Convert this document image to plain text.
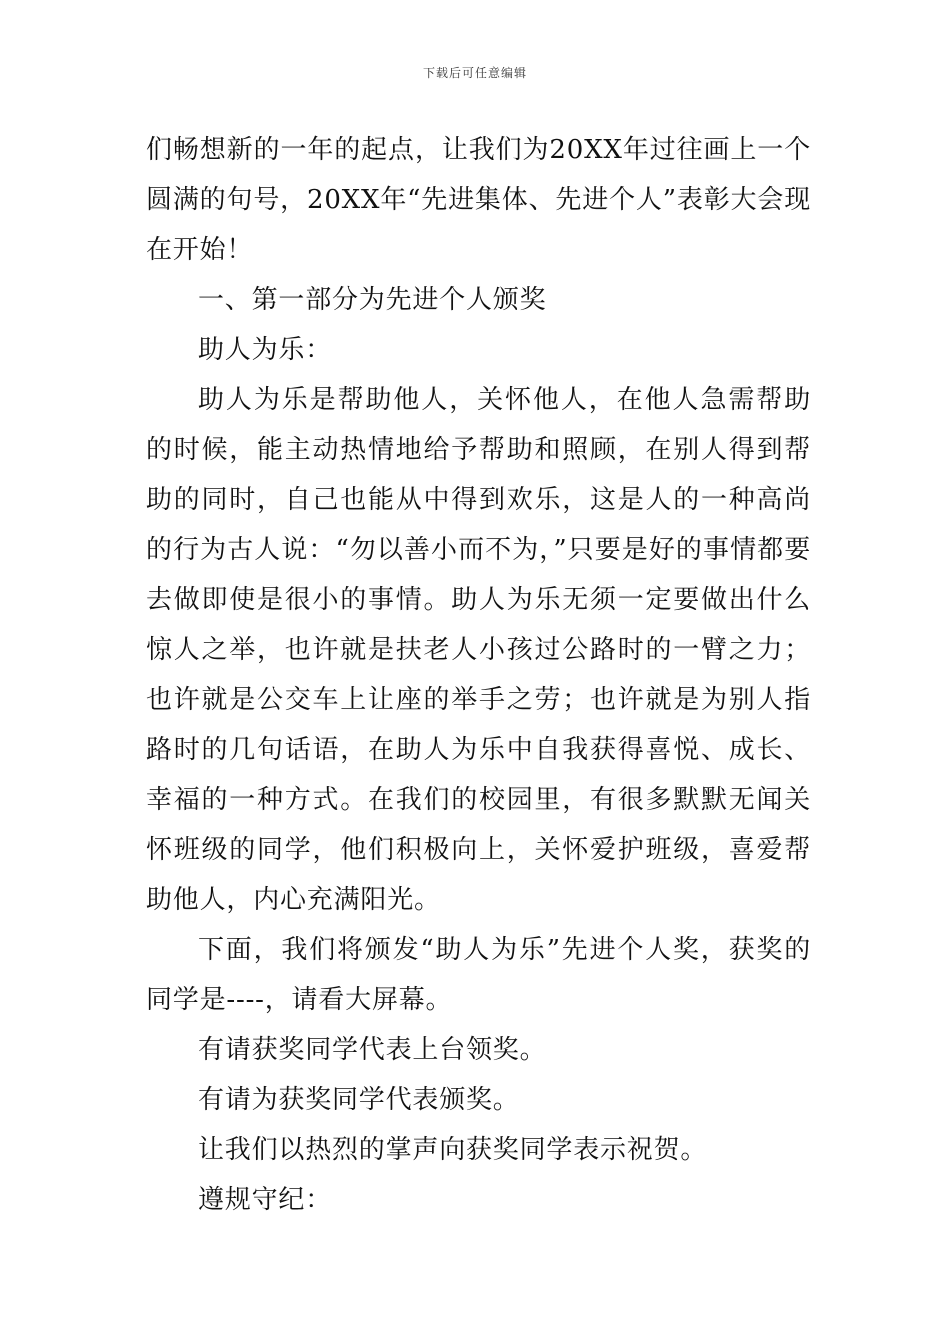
下载后可任意编辑

们畅想新的一年的起点，让我们为20XX年过往画上一个圆满的句号，20XX年“先进集体、先进个人”表彰大会现在开始！

一、第一部分为先进个人颁奖

助人为乐：

助人为乐是帮助他人，关怀他人，在他人急需帮助的时候，能主动热情地给予帮助和照顾，在别人得到帮助的同时，自己也能从中得到欢乐，这是人的一种高尚的行为古人说：“勿以善小而不为，”只要是好的事情都要去做即使是很小的事情。助人为乐无须一定要做出什么惊人之举，也许就是扶老人小孩过公路时的一臂之力；也许就是公交车上让座的举手之劳；也许就是为别人指路时的几句话语，在助人为乐中自我获得喜悦、成长、幸福的一种方式。在我们的校园里，有很多默默无闻关怀班级的同学，他们积极向上，关怀爱护班级，喜爱帮助他人，内心充满阳光。

下面，我们将颁发“助人为乐”先进个人奖，获奖的同学是----，请看大屏幕。

有请获奖同学代表上台领奖。

有请为获奖同学代表颁奖。

让我们以热烈的掌声向获奖同学表示祝贺。

遵规守纪：
